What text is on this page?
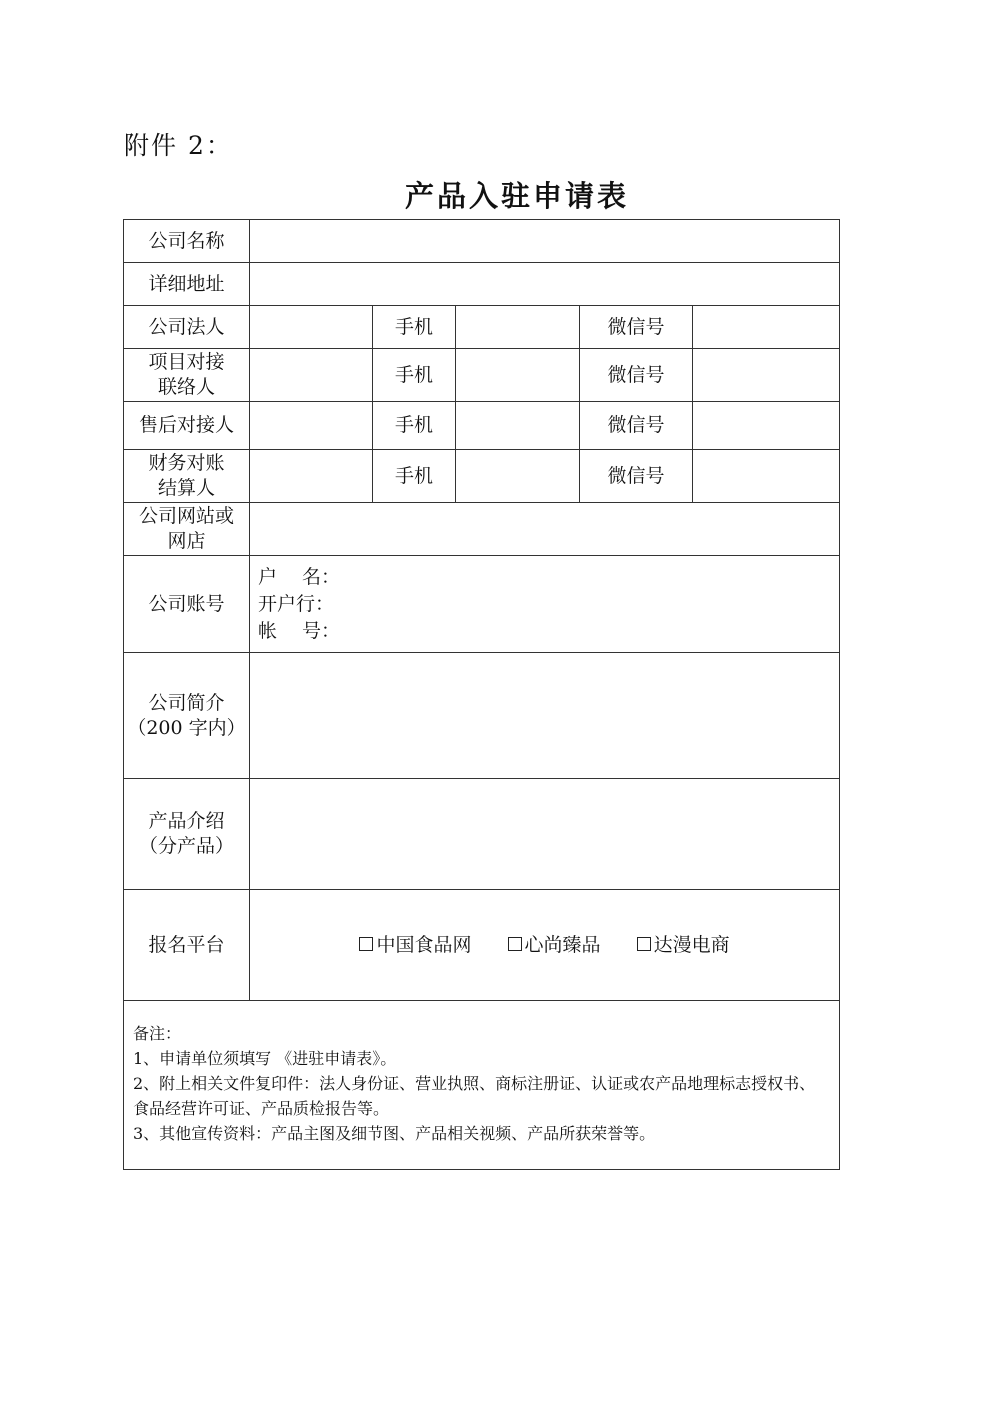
附件 2：
产品入驻申请表
公司名称					
详细地址					
公司法人		手机		微信号	

项目对接
联络人		手机		微信号	
售后对接人		手机		微信号	

财务对账
结算人		手机		微信号	

公司网站或
网店					

公司账号	户　 名：
开户行：
帐　 号：				

公司简介
（200 字内）					

产品介绍
（分产品）					

报名平台	中国食品网 心尚臻品 达漫电商				

备注：
1、申请单位须填写 《进驻申请表》。
2、附上相关文件复印件：法人身份证、营业执照、商标注册证、认证或农产品地理标志授权书、食品经营许可证、产品质检报告等。
3、其他宣传资料：产品主图及细节图、产品相关视频、产品所获荣誉等。					
